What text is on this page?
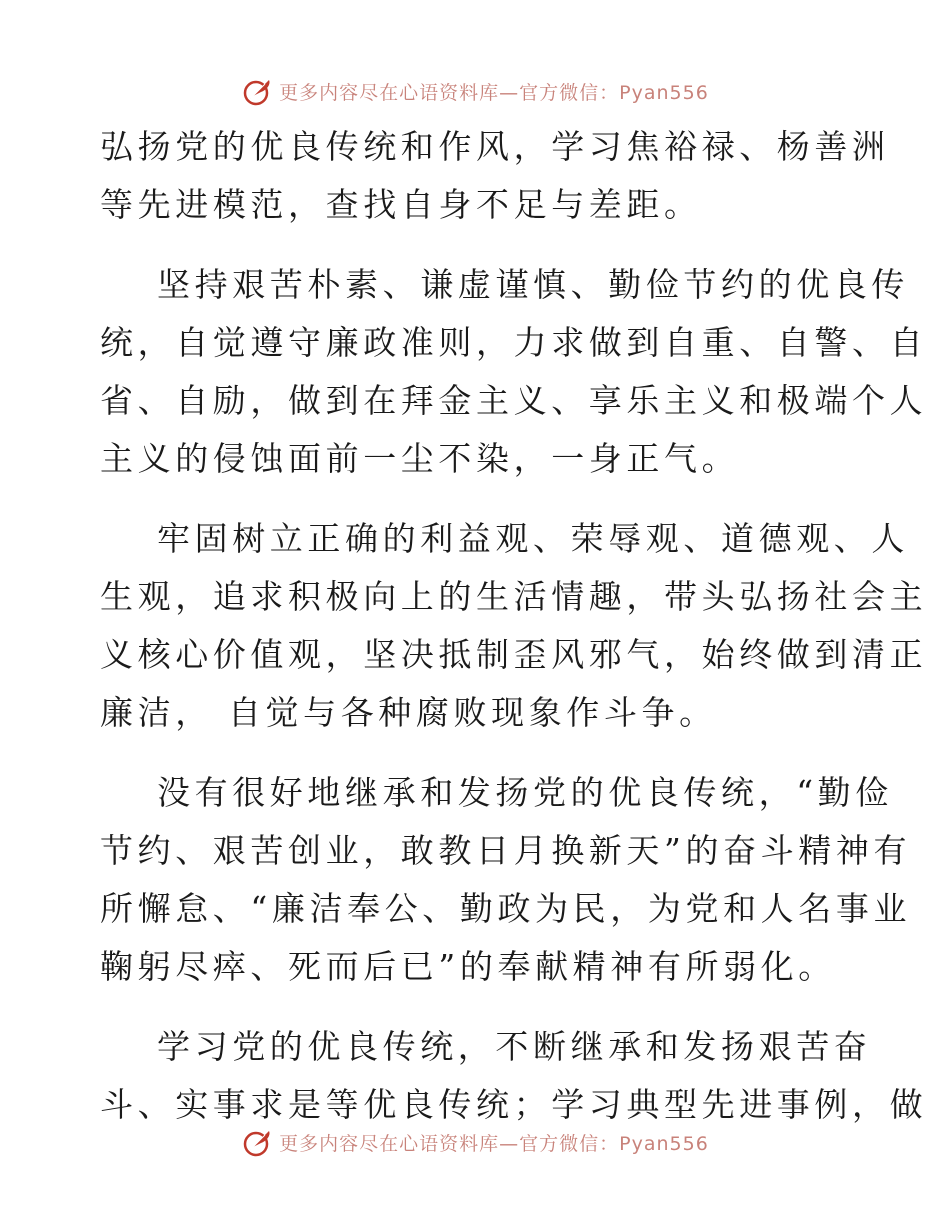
更多内容尽在心语资料库—官方微信：Pyan556

弘扬党的优良传统和作风，学习焦裕禄、杨善洲
等先进模范，查找自身不足与差距。

坚持艰苦朴素、谦虚谨慎、勤俭节约的优良传
统，自觉遵守廉政准则，力求做到自重、自警、自
省、自励，做到在拜金主义、享乐主义和极端个人
主义的侵蚀面前一尘不染，一身正气。

牢固树立正确的利益观、荣辱观、道德观、人
生观，追求积极向上的生活情趣，带头弘扬社会主
义核心价值观，坚决抵制歪风邪气，始终做到清正
廉洁， 自觉与各种腐败现象作斗争。

没有很好地继承和发扬党的优良传统，“勤俭
节约、艰苦创业，敢教日月换新天”的奋斗精神有
所懈怠、“廉洁奉公、勤政为民，为党和人名事业
鞠躬尽瘁、死而后已”的奉献精神有所弱化。

学习党的优良传统，不断继承和发扬艰苦奋
斗、实事求是等优良传统；学习典型先进事例，做

更多内容尽在心语资料库—官方微信：Pyan556
